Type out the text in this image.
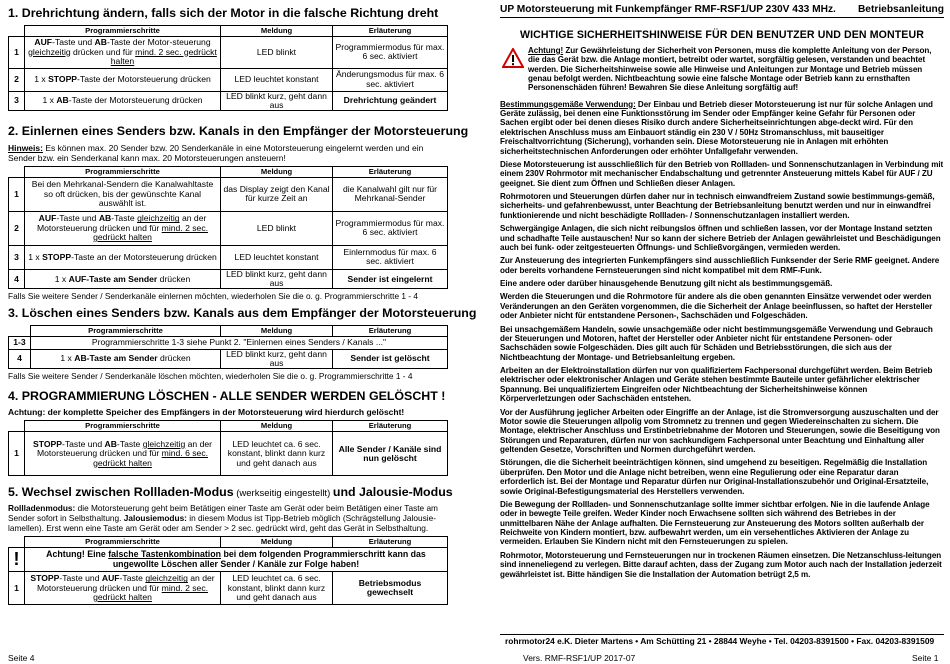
1. Drehrichtung ändern, falls sich der Motor in die falsche Richtung dreht
	Programmierschritte	Meldung	Erläuterung
1	AUF-Taste und AB-Taste der Motor-steuerung gleichzeitig drücken und für mind. 2 sec. gedrückt halten	LED blinkt	Programmiermodus für max. 6 sec. aktiviert
2	1 x STOPP-Taste der Motorsteuerung drücken	LED leuchtet konstant	Änderungsmodus für max. 6 sec. aktiviert
3	1 x AB-Taste der Motorsteuerung drücken	LED blinkt kurz, geht dann aus	Drehrichtung geändert
2. Einlernen eines Senders bzw. Kanals in den Empfänger der Motorsteuerung
Hinweis: Es können max. 20 Sender bzw. 20 Senderkanäle in eine Motorsteuerung eingelernt werden und ein Sender bzw. ein Senderkanal kann max. 20 Motorsteuerungen ansteuern!
	Programmierschritte	Meldung	Erläuterung
1	Bei den Mehrkanal-Sendern die Kanalwahltaste so oft drücken, bis der gewünschte Kanal auswählt ist.	das Display zeigt den Kanal für kurze Zeit an	die Kanalwahl gilt nur für Mehrkanal-Sender
2	AUF-Taste und AB-Taste gleichzeitig an der Motorsteuerung drücken und für mind. 2 sec. gedrückt halten	LED blinkt	Programmiermodus für max. 6 sec. aktiviert
3	1 x STOPP-Taste an der Motorsteuerung drücken	LED leuchtet konstant	Einlernmodus für max. 6 sec. aktiviert
4	1 x AUF-Taste am Sender drücken	LED blinkt kurz, geht dann aus	Sender ist eingelernt
Falls Sie weitere Sender / Senderkanäle einlernen möchten, wiederholen Sie die o. g. Programmierschritte 1 - 4
3. Löschen eines Senders bzw. Kanals aus dem Empfänger der Motorsteuerung
	Programmierschritte	Meldung	Erläuterung
1-3	Programmierschritte 1-3 siehe Punkt 2. "Einlernen eines Senders / Kanals ..."		
4	1 x AB-Taste am Sender drücken	LED blinkt kurz, geht dann aus	Sender ist gelöscht
Falls Sie weitere Sender / Senderkanäle löschen möchten, wiederholen Sie die o. g. Programmierschritte 1 - 4
4. PROGRAMMIERUNG LÖSCHEN - ALLE SENDER WERDEN GELÖSCHT !
Achtung: der komplette Speicher des Empfängers in der Motorsteuerung wird hierdurch gelöscht!
	Programmierschritte	Meldung	Erläuterung
1	STOPP-Taste und AB-Taste gleichzeitig an der Motorsteuerung drücken und für mind. 6 sec. gedrückt halten	LED leuchtet ca. 6 sec. konstant, blinkt dann kurz und geht danach aus	Alle Sender / Kanäle sind nun gelöscht
5. Wechsel zwischen Rollladen-Modus (werkseitig eingestellt) und Jalousie-Modus
Rollladenmodus: die Motorsteuerung geht beim Betätigen einer Taste am Gerät oder beim Betätigen einer Taste am Sender sofort in Selbsthaltung. Jalousiemodus: in diesem Modus ist Tipp-Betrieb möglich (Schrägstellung Jalousie-lamellen). Erst wenn eine Taste am Gerät oder am Sender > 2 sec. gedrückt wird, geht das Gerät in Selbsthaltung.
	Programmierschritte	Meldung	Erläuterung
!	Achtung! Eine falsche Tastenkombination bei dem folgenden Programmierschritt kann das ungewollte Löschen aller Sender / Kanäle zur Folge haben!		
1	STOPP-Taste und AUF-Taste gleichzeitig an der Motorsteuerung drücken und für mind. 2 sec. gedrückt halten	LED leuchtet ca. 6 sec. konstant, blinkt dann kurz und geht danach aus	Betriebsmodus gewechselt
UP Motorsteuerung mit Funkempfänger RMF-RSF1/UP 230V 433 MHz. Betriebsanleitung
WICHTIGE SICHERHEITSHINWEISE FÜR DEN BENUTZER UND DEN MONTEUR
Achtung! Zur Gewährleistung der Sicherheit von Personen, muss die komplette Anleitung von der Person, die das Gerät bzw. die Anlage montiert, betreibt oder wartet, sorgfältig gelesen, verstanden und beachtet werden. Die Sicherheitshinweise sowie alle Hinweise und Anleitungen zur Montage und Betrieb müssen genau befolgt werden. Nichtbeachtung sowie eine falsche Montage oder Betrieb kann zu ernsthaften Personenschäden führen! Bewahren Sie diese Anleitung sorgfältig auf!
Bestimmungsgemäße Verwendung: Der Einbau und Betrieb dieser Motorsteuerung ist nur für solche Anlagen und Geräte zulässig, bei denen eine Funktionsstörung im Sender oder Empfänger keine Gefahr für Personen oder Sachen ergibt oder bei denen dieses Risiko durch andere Sicherheitseinrichtungen abge-deckt wird. Für den elektrischen Anschluss muss am Einbauort ständig ein 230 V / 50Hz Stromanschluss, mit bauseitiger Freischaltvorrichtung (Sicherung), vorhanden sein. Diese Motorsteuerung nie in Anlagen mit erhöhten sicherheitstechnischen Anforderungen oder erhöhter Unfallgefahr verwenden.
Diese Motorsteuerung ist ausschließlich für den Betrieb von Rollladen- und Sonnenschutzanlagen in Verbindung mit einem 230V Rohrmotor mit mechanischer Endabschaltung und getrennter Ansteuerung mittels Kabel für AUF / ZU geeignet. Sie dient zum Öffnen und Schließen dieser Anlagen.
Rohrmotoren und Steuerungen dürfen daher nur in technisch einwandfreiem Zustand sowie bestimmungs-gemäß, sicherheits- und gefahrenbewusst, unter Beachtung der Betriebsanleitung benutzt werden und nur in einwandfrei funktionierende und nicht beschädigte Rollladen- / Sonnenschutzanlagen installiert werden.
Schwergängige Anlagen, die sich nicht reibungslos öffnen und schließen lassen, vor der Montage Instand setzten und schadhafte Teile austauschen! Nur so kann der sichere Betrieb der Anlagen gewährleistet und Beschädigungen auch bei funk- oder zeitgesteuerten Öffnungs- und Schließvorgängen, vermieden werden.
Zur Ansteuerung des integrierten Funkempfängers sind ausschließlich Funksender der Serie RMF geeignet. Andere oder bereits vorhandene Fernsteuerungen sind nicht kompatibel mit dem RMF-Funk.
Eine andere oder darüber hinausgehende Benutzung gilt nicht als bestimmungsgemäß.
Werden die Steuerungen und die Rohrmotore für andere als die oben genannten Einsätze verwendet oder werden Veränderungen an den Geräten vorgenommen, die die Sicherheit der Anlage beeinflussen, so haftet der Hersteller oder Anbieter nicht für entstandene Personen-, Sachschäden und Folgeschäden.
Bei unsachgemäßem Handeln, sowie unsachgemäße oder nicht bestimmungsgemäße Verwendung und Gebrauch der Steuerungen und Motoren, haftet der Hersteller oder Anbieter nicht für entstandene Personen- oder Sachschäden sowie Folgeschäden. Dies gilt auch für Schäden und Betriebsstörungen, die sich aus der Nichtbeachtung der Montage- und Betriebsanleitung ergeben.
Arbeiten an der Elektroinstallation dürfen nur von qualifiziertem Fachpersonal durchgeführt werden. Beim Betrieb elektrischer oder elektronischer Anlagen und Geräte stehen bestimmte Bauteile unter gefährlicher elektrischer Spannung. Bei unqualifiziertem Eingreifen oder Nichtbeachtung der Sicherheitshinweise können Körperverletzungen oder Sachschäden entstehen.
Vor der Ausführung jeglicher Arbeiten oder Eingriffe an der Anlage, ist die Stromversorgung auszuschalten und der Motor sowie die Steuerungen allpolig vom Stromnetz zu trennen und gegen Wiedereinschalten zu sichern. Die Montage, elektrischer Anschluss und Erstinbetriebnahme der Motoren und Steuerungen, sowie die Beseitigung von Störungen und Reparaturen, dürfen nur von sachkundigem Fachpersonal unter Beachtung und Einhaltung aller geltenden Gesetze, Vorschriften und Normen durchgeführt werden.
Störungen, die die Sicherheit beeinträchtigen können, sind umgehend zu beseitigen. Regelmäßig die Installation überprüfen. Den Motor und die Anlage nicht betreiben, wenn eine Regulierung oder eine Reparatur daran erforderlich ist. Bei der Montage und Reparatur dürfen nur Original-Installationszubehör und Original-Ersatzteile, sowie Original-Befestigungsmaterial des Herstellers verwenden.
Die Bewegung der Rollladen- und Sonnenschutzanlage sollte immer sichtbar erfolgen. Nie in die laufende Anlage oder in bewegte Teile greifen. Weder Kinder noch Erwachsene sollten sich während des Betriebes in der unmittelbaren Nähe der Anlage aufhalten. Die Fernsteuerung zur Ansteuerung des Motors sollten außerhalb der Reichweite von Kindern montiert, bzw. aufbewahrt werden, um ein versehentliches Aktivieren der Anlage zu vermeiden. Erlauben Sie Kindern nicht mit den Fernsteuerungen zu spielen.
Rohrmotor, Motorsteuerung und Fernsteuerungen nur in trockenen Räumen einsetzen. Die Netzanschluss-leitungen sind inneneliegend zu verlegen. Bitte darauf achten, dass der Zugang zum Motor auch nach der Installation jederzeit gewährleistet ist. Bitte händigen Sie die Installation der Automation betrügt 2,5 m.
rohrmotor24 e.K. Dieter Martens • Am Schütting 21 • 28844 Weyhe • Tel. 04203-8391500 • Fax. 04203-8391509
Seite 4	Vers. RMF-RSF1/UP 2017-07	Seite 1
